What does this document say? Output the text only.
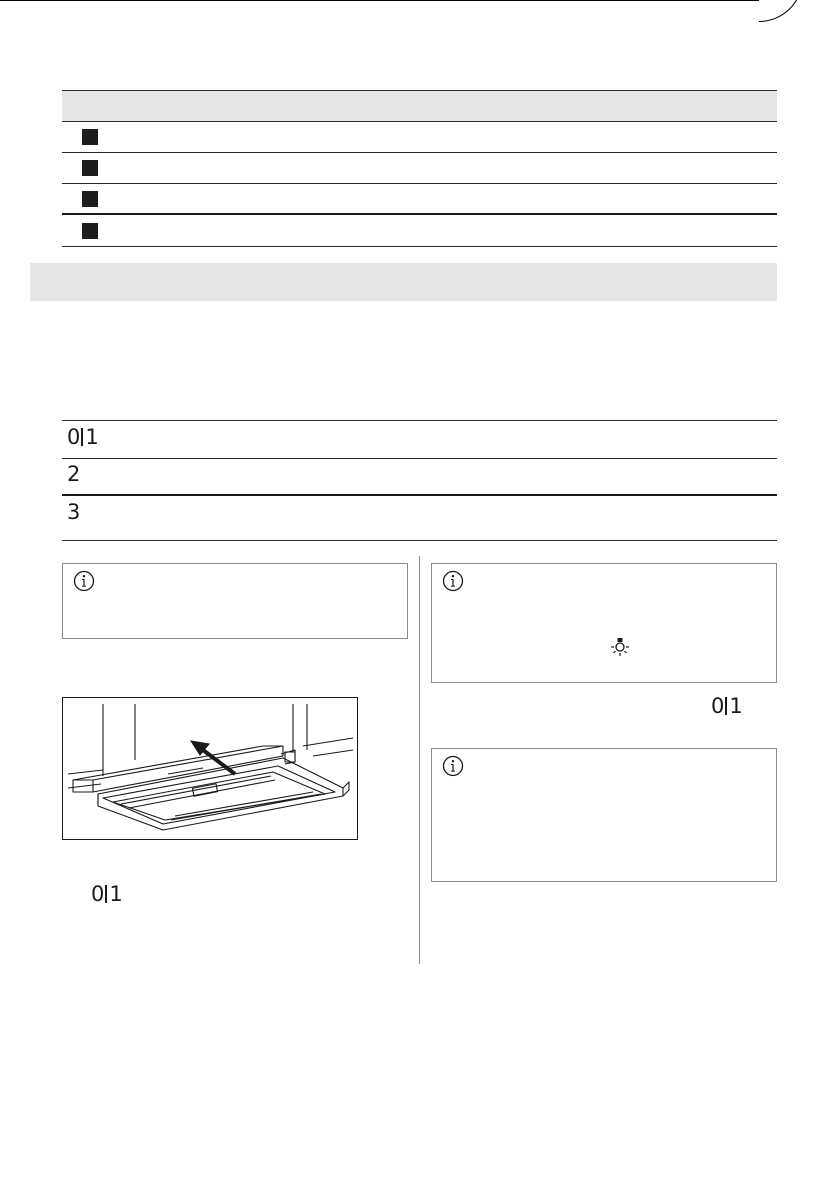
0 1
2
3
0 1
0 1
